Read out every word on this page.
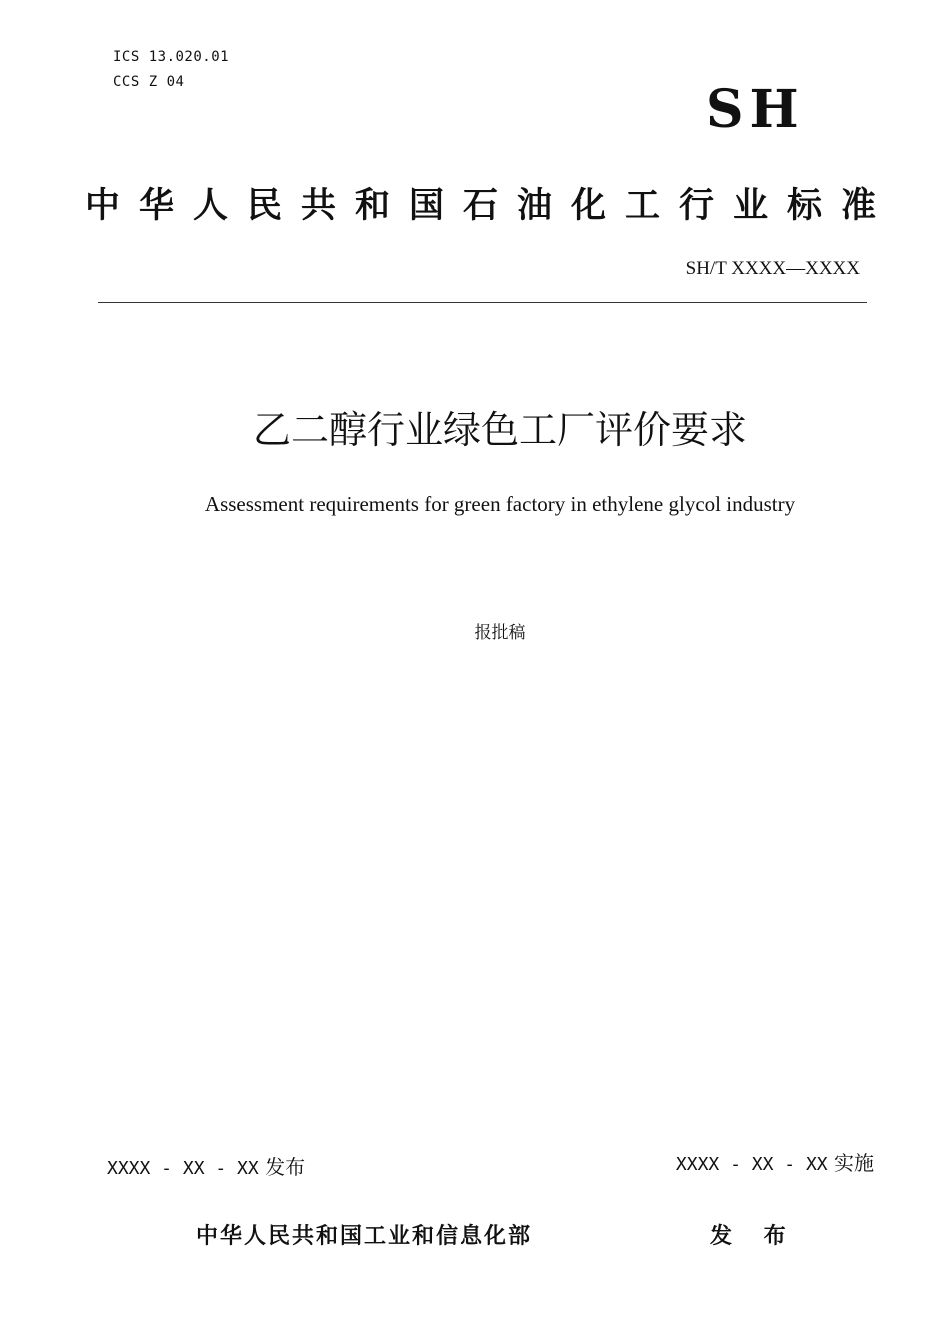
ICS 13.020.01
CCS Z 04	SH
中华人民共和国石油化工行业标准
SH/T XXXX—XXXX
乙二醇行业绿色工厂评价要求
Assessment requirements for green factory in ethylene glycol industry
报批稿
XXXX - XX - XX 发布	XXXX - XX - XX 实施
中华人民共和国工业和信息化部	发 布
